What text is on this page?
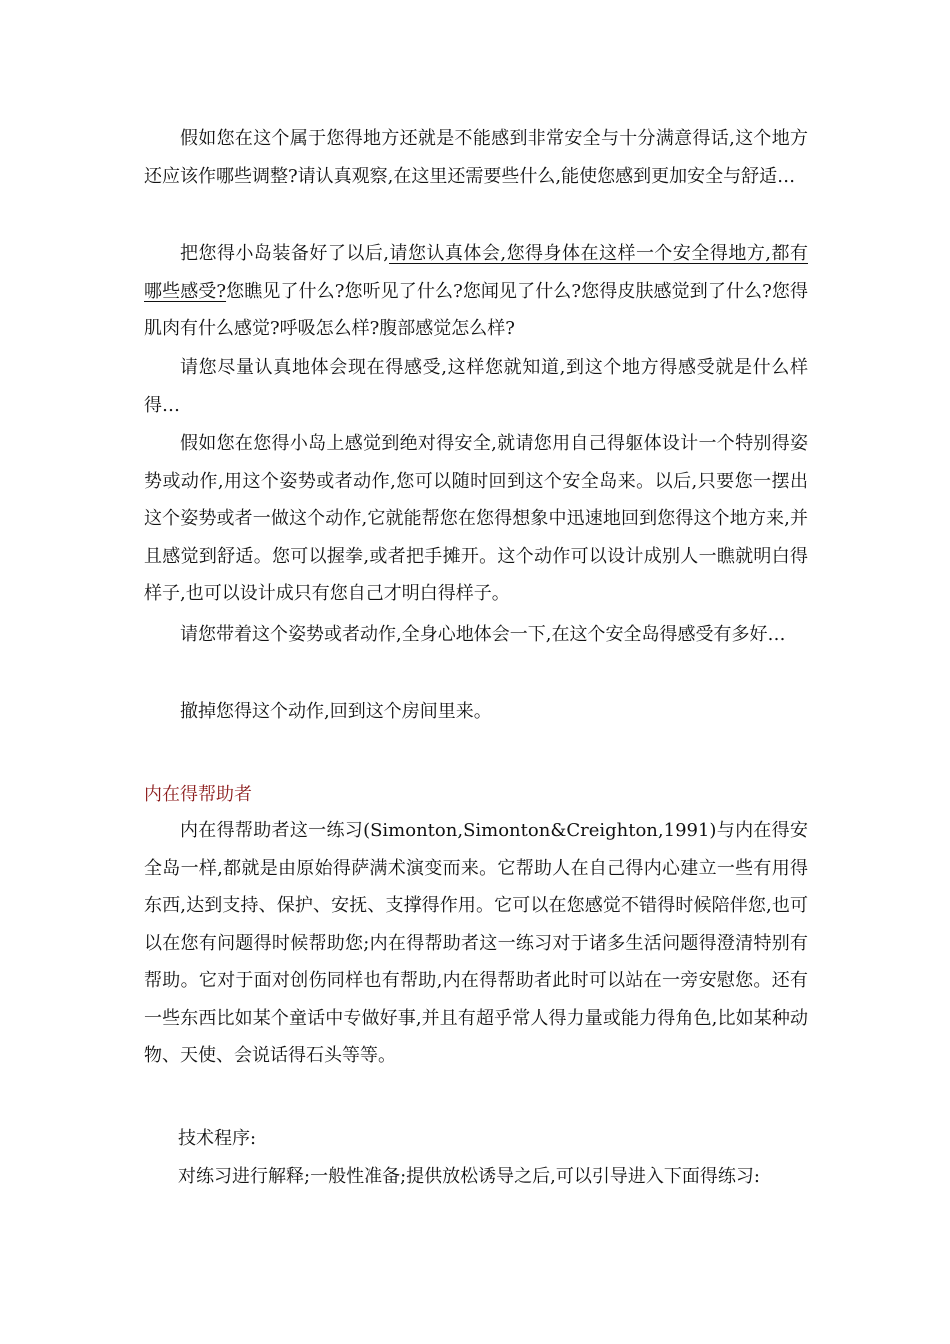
假如您在这个属于您得地方还就是不能感到非常安全与十分满意得话,这个地方还应该作哪些调整?请认真观察,在这里还需要些什么,能使您感到更加安全与舒适…

把您得小岛装备好了以后,请您认真体会,您得身体在这样一个安全得地方,都有哪些感受?您瞧见了什么?您听见了什么?您闻见了什么?您得皮肤感觉到了什么?您得肌肉有什么感觉?呼吸怎么样?腹部感觉怎么样?

请您尽量认真地体会现在得感受,这样您就知道,到这个地方得感受就是什么样得…

假如您在您得小岛上感觉到绝对得安全,就请您用自己得躯体设计一个特别得姿势或动作,用这个姿势或者动作,您可以随时回到这个安全岛来。以后,只要您一摆出这个姿势或者一做这个动作,它就能帮您在您得想象中迅速地回到您得这个地方来,并且感觉到舒适。您可以握拳,或者把手摊开。这个动作可以设计成别人一瞧就明白得样子,也可以设计成只有您自己才明白得样子。

请您带着这个姿势或者动作,全身心地体会一下,在这个安全岛得感受有多好…

撤掉您得这个动作,回到这个房间里来。

内在得帮助者

内在得帮助者这一练习(Simonton,Simonton&Creighton,1991)与内在得安全岛一样,都就是由原始得萨满术演变而来。它帮助人在自己得内心建立一些有用得东西,达到支持、保护、安抚、支撑得作用。它可以在您感觉不错得时候陪伴您,也可以在您有问题得时候帮助您;内在得帮助者这一练习对于诸多生活问题得澄清特别有帮助。它对于面对创伤同样也有帮助,内在得帮助者此时可以站在一旁安慰您。还有一些东西比如某个童话中专做好事,并且有超乎常人得力量或能力得角色,比如某种动物、天使、会说话得石头等等。

技术程序:

对练习进行解释;一般性准备;提供放松诱导之后,可以引导进入下面得练习:
